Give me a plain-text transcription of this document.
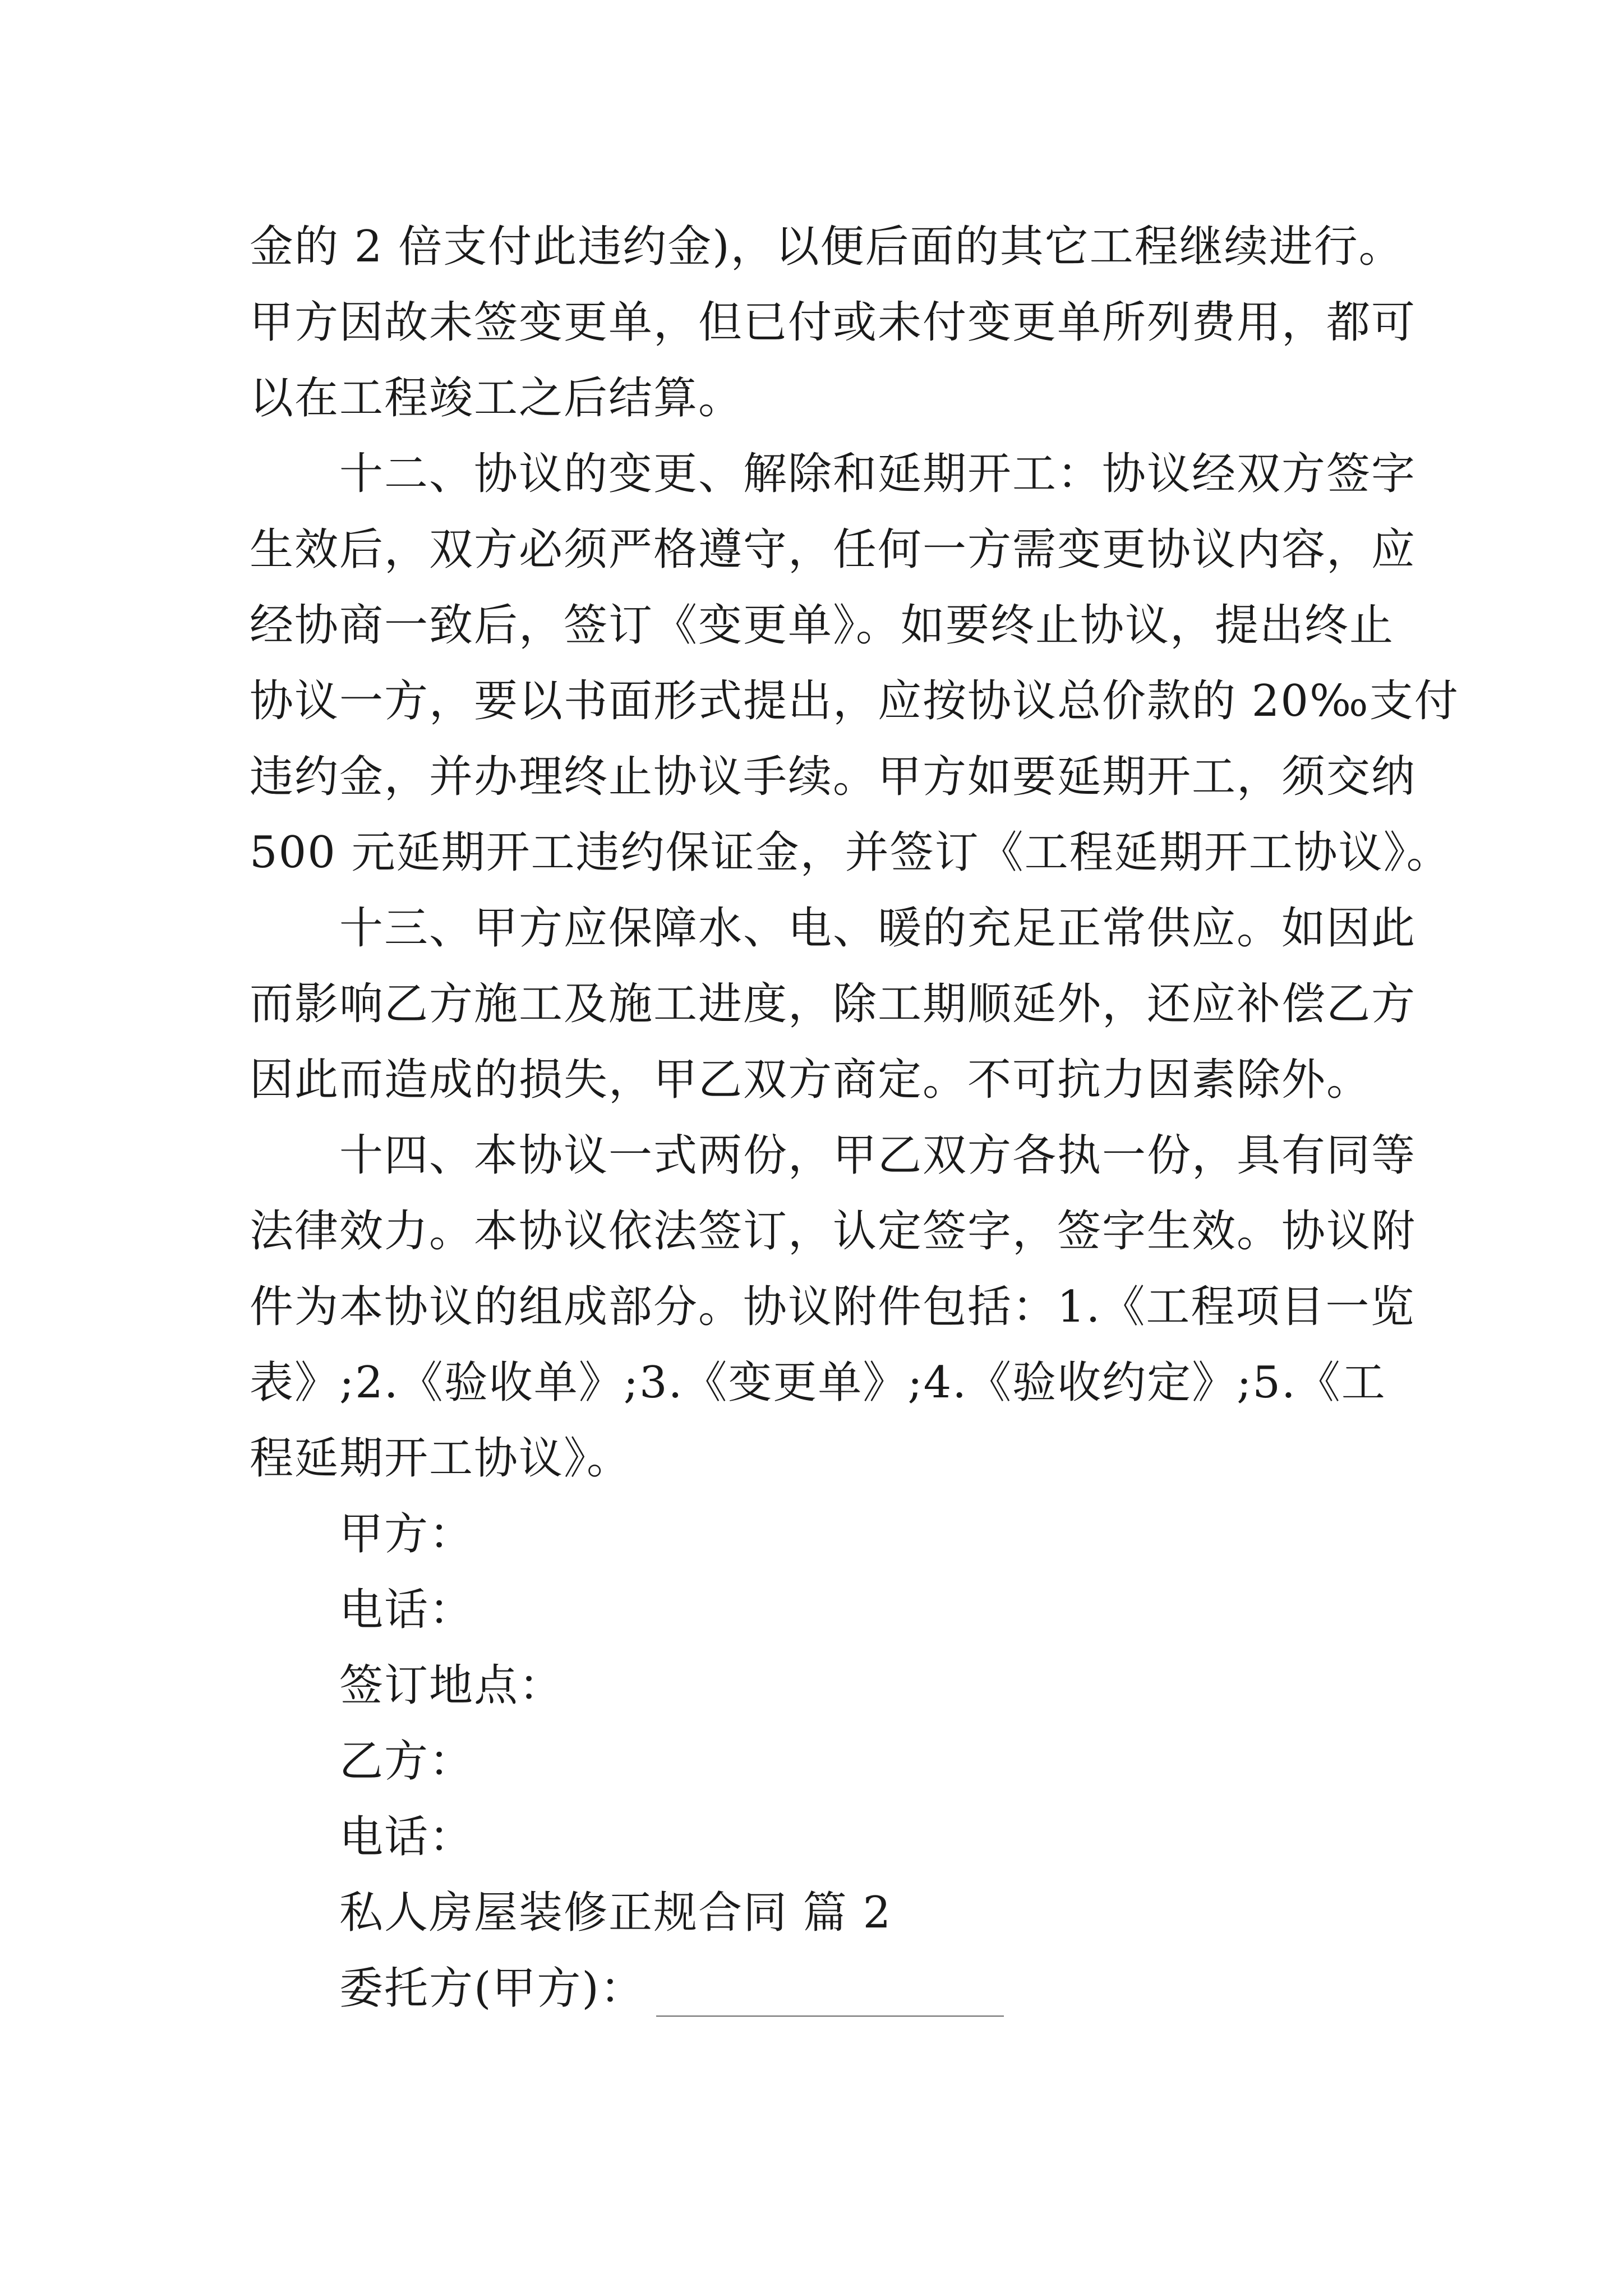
金的 2 倍支付此违约金)，以便后面的其它工程继续进行。
甲方因故未签变更单，但已付或未付变更单所列费用，都可
以在工程竣工之后结算。
十二、协议的变更、解除和延期开工：协议经双方签字
生效后，双方必须严格遵守，任何一方需变更协议内容，应
经协商一致后，签订《变更单》。如要终止协议，提出终止
协议一方，要以书面形式提出，应按协议总价款的 20‰支付
违约金，并办理终止协议手续。甲方如要延期开工，须交纳
500 元延期开工违约保证金，并签订《工程延期开工协议》。
十三、甲方应保障水、电、暖的充足正常供应。如因此
而影响乙方施工及施工进度，除工期顺延外，还应补偿乙方
因此而造成的损失，甲乙双方商定。不可抗力因素除外。
十四、本协议一式两份，甲乙双方各执一份，具有同等
法律效力。本协议依法签订，认定签字，签字生效。协议附
件为本协议的组成部分。协议附件包括：1.《工程项目一览
表》;2.《验收单》;3.《变更单》;4.《验收约定》;5.《工
程延期开工协议》。
甲方：
电话：
签订地点：
乙方：
电话：
私人房屋装修正规合同 篇 2
委托方(甲方)：
